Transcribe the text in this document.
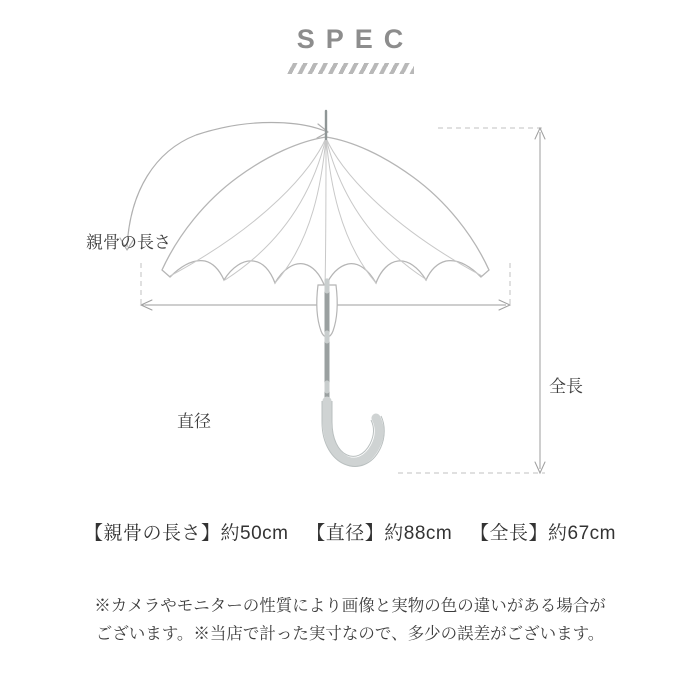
SPEC
親骨の長さ
直径
全長
【親骨の長さ】約50cm 【直径】約88cm 【全長】約67cm
※カメラやモニターの性質により画像と実物の色の違いがある場合が
ございます。※当店で計った実寸なので、多少の誤差がございます。
